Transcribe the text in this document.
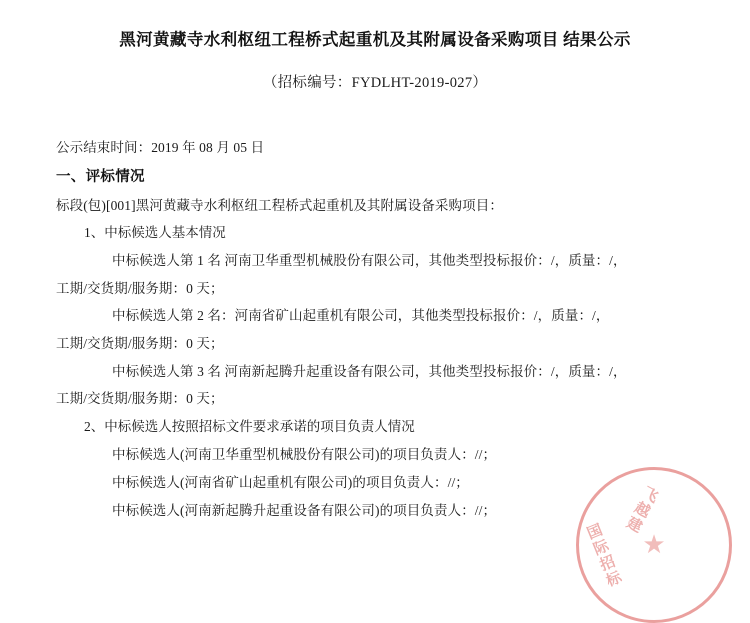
黑河黄藏寺水利枢纽工程桥式起重机及其附属设备采购项目 结果公示
（招标编号：FYDLHT-2019-027）
公示结束时间：2019 年 08 月 05 日
一、评标情况
标段(包)[001]黑河黄藏寺水利枢纽工程桥式起重机及其附属设备采购项目：
1、中标候选人基本情况
中标候选人第 1 名 河南卫华重型机械股份有限公司，其他类型投标报价：/，质量：/，
工期/交货期/服务期：0 天；
中标候选人第 2 名：河南省矿山起重机有限公司，其他类型投标报价：/，质量：/，
工期/交货期/服务期：0 天；
中标候选人第 3 名 河南新起腾升起重设备有限公司，其他类型投标报价：/，质量：/，
工期/交货期/服务期：0 天；
2、中标候选人按照招标文件要求承诺的项目负责人情况
中标候选人(河南卫华重型机械股份有限公司)的项目负责人：//；
中标候选人(河南省矿山起重机有限公司)的项目负责人：//；
中标候选人(河南新起腾升起重设备有限公司)的项目负责人：//；	飞越建
国际招标 ★
